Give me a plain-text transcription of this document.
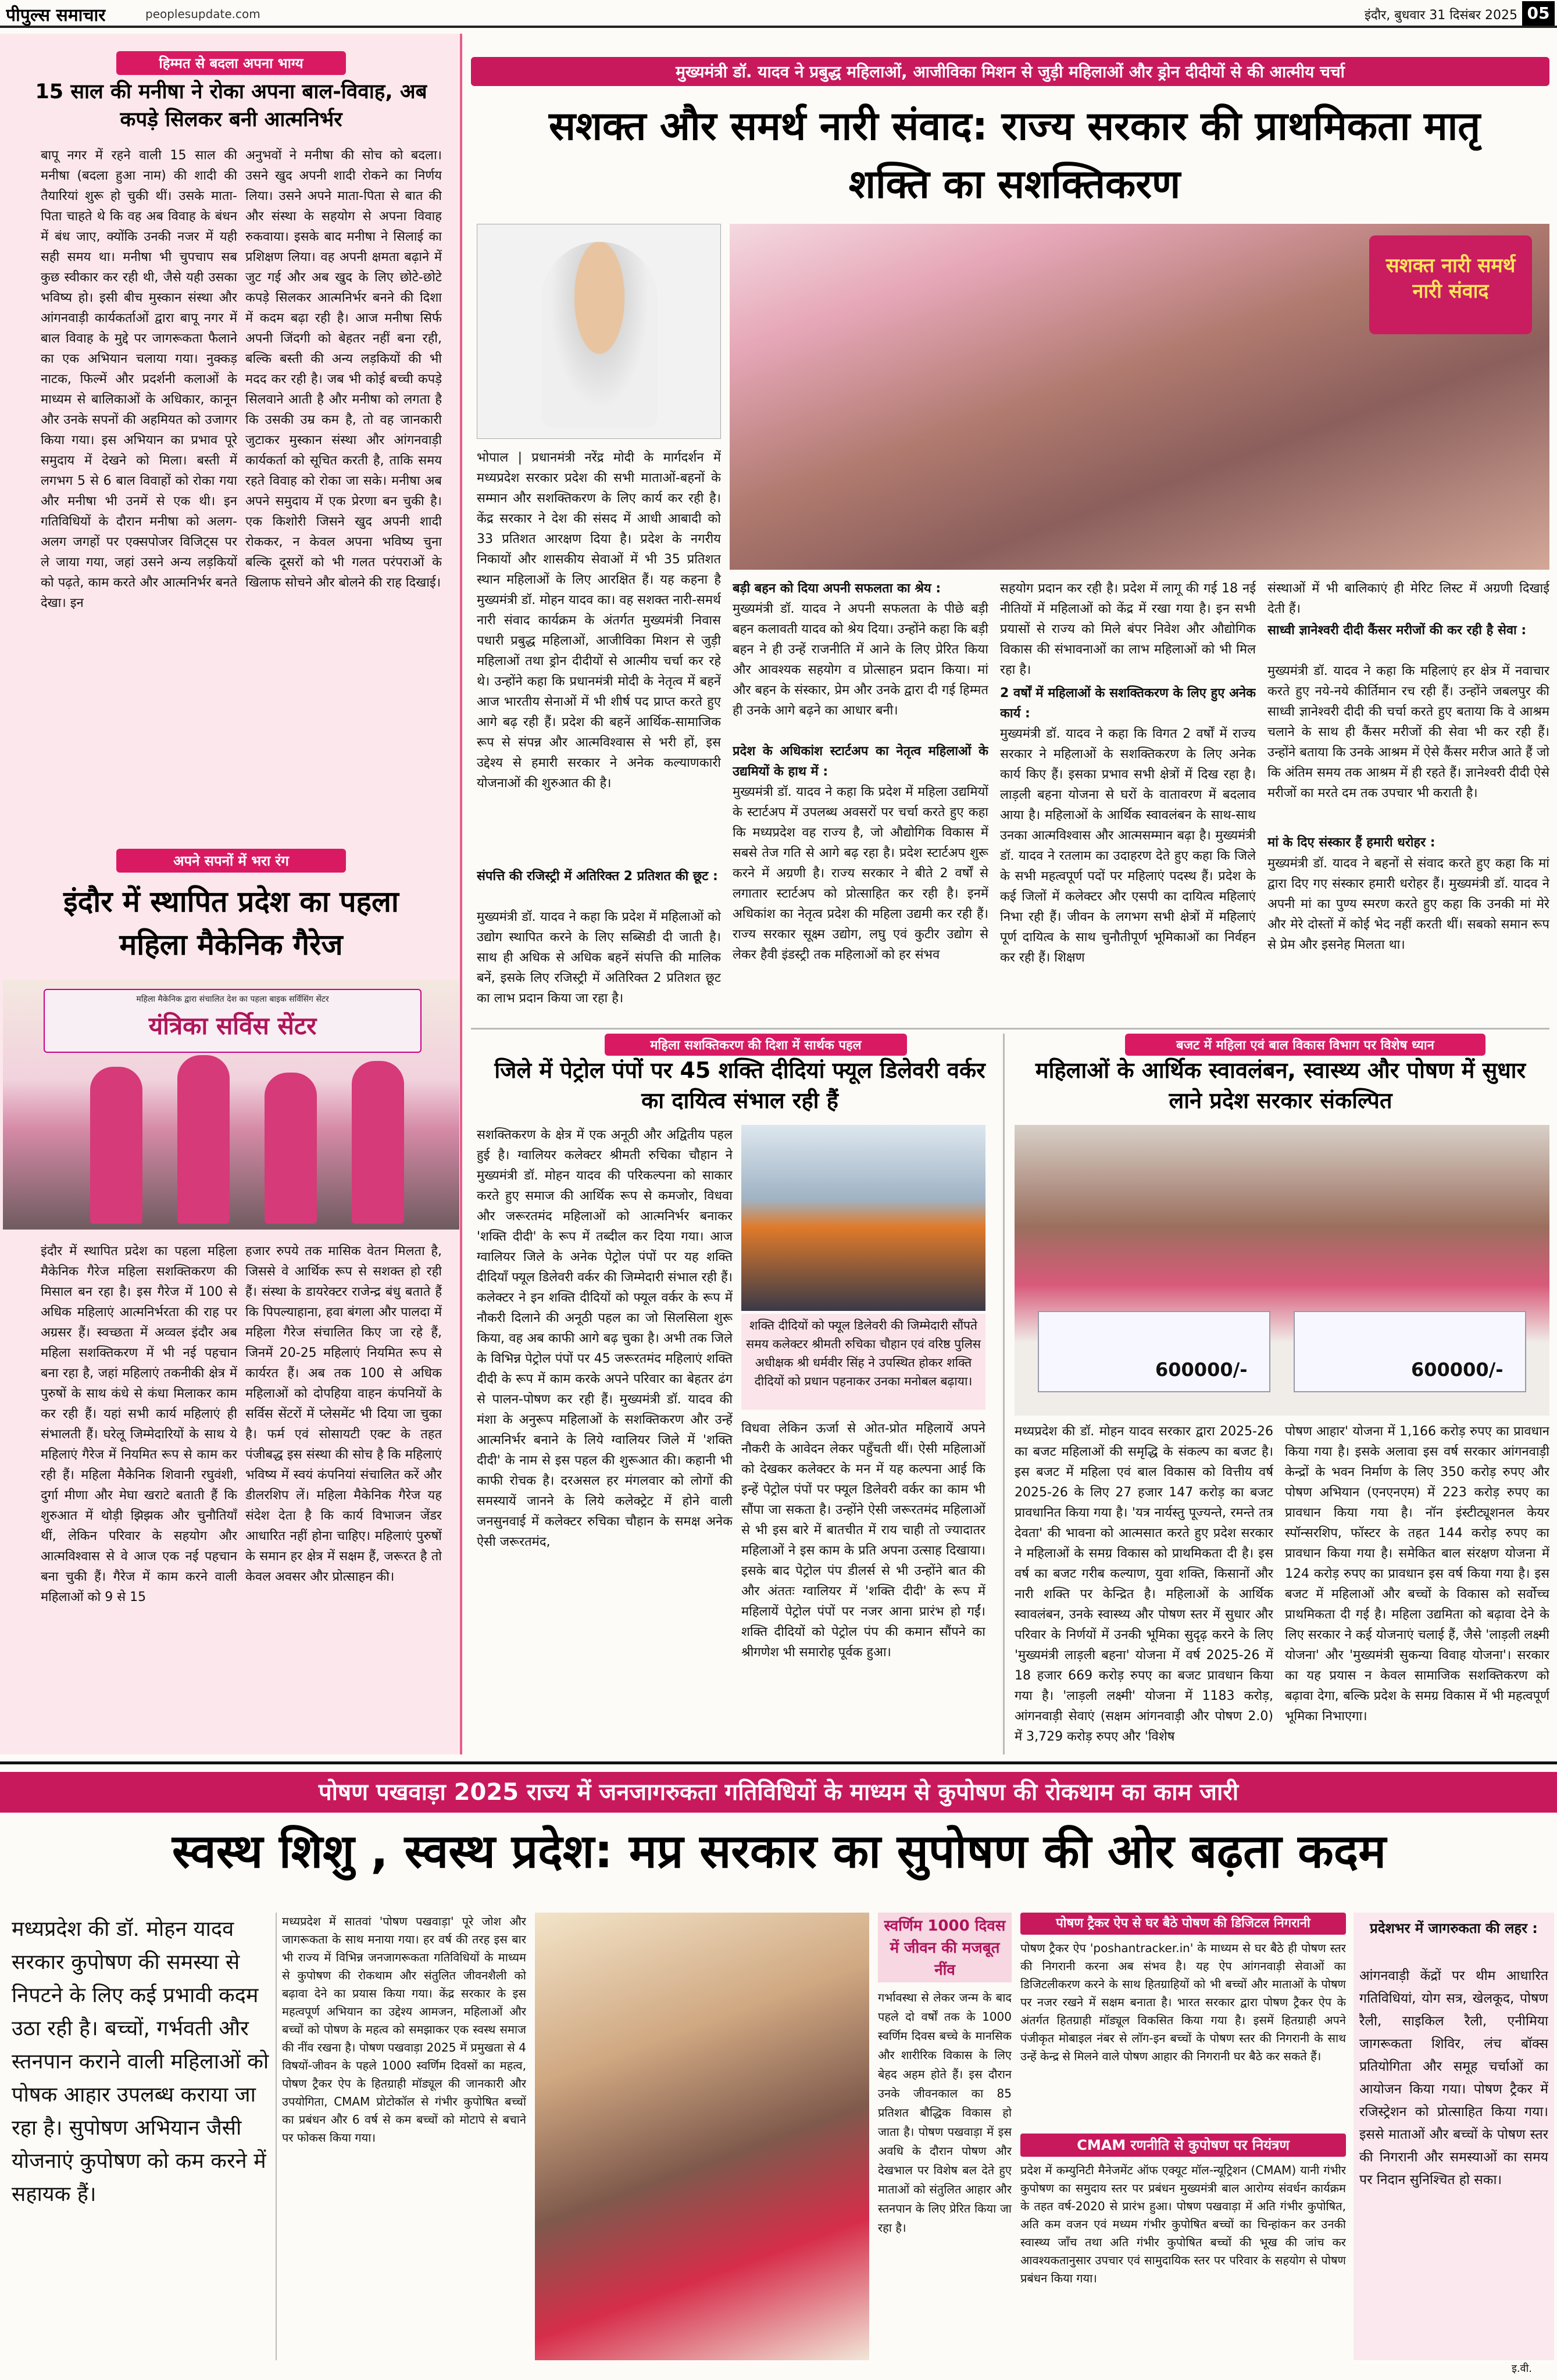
पीपुल्स समाचार	peoplesupdate.com	इंदौर, बुधवार 31 दिसंबर 2025 05
हिम्मत से बदला अपना भाग्य
15 साल की मनीषा ने रोका अपना बाल-विवाह, अब कपड़े सिलकर बनी आत्मनिर्भर
बापू नगर में रहने वाली 15 साल की मनीषा (बदला हुआ नाम) की शादी की तैयारियां शुरू हो चुकी थीं। उसके माता-पिता चाहते थे कि वह अब विवाह के बंधन में बंध जाए, क्योंकि उनकी नजर में यही सही समय था। मनीषा भी चुपचाप सब कुछ स्वीकार कर रही थी, जैसे यही उसका भविष्य हो। इसी बीच मुस्कान संस्था और आंगनवाड़ी कार्यकर्ताओं द्वारा बापू नगर में बाल विवाह के मुद्दे पर जागरूकता फैलाने का एक अभियान चलाया गया। नुक्कड़ नाटक, फिल्में और प्रदर्शनी कलाओं के माध्यम से बालिकाओं के अधिकार, कानून और उनके सपनों की अहमियत को उजागर किया गया। इस अभियान का प्रभाव पूरे समुदाय में देखने को मिला। बस्ती में लगभग 5 से 6 बाल विवाहों को रोका गया और मनीषा भी उनमें से एक थी। इन गतिविधियों के दौरान मनीषा को अलग-अलग जगहों पर एक्सपोजर विजिट्स पर ले जाया गया, जहां उसने अन्य लड़कियों को पढ़ते, काम करते और आत्मनिर्भर बनते देखा। इन
अनुभवों ने मनीषा की सोच को बदला। उसने खुद अपनी शादी रोकने का निर्णय लिया। उसने अपने माता-पिता से बात की और संस्था के सहयोग से अपना विवाह रुकवाया। इसके बाद मनीषा ने सिलाई का प्रशिक्षण लिया। वह अपनी क्षमता बढ़ाने में जुट गई और अब खुद के लिए छोटे-छोटे कपड़े सिलकर आत्मनिर्भर बनने की दिशा में कदम बढ़ा रही है। आज मनीषा सिर्फ अपनी जिंदगी को बेहतर नहीं बना रही, बल्कि बस्ती की अन्य लड़कियों की भी मदद कर रही है। जब भी कोई बच्ची कपड़े सिलवाने आती है और मनीषा को लगता है कि उसकी उम्र कम है, तो वह जानकारी जुटाकर मुस्कान संस्था और आंगनवाड़ी कार्यकर्ता को सूचित करती है, ताकि समय रहते विवाह को रोका जा सके। मनीषा अब अपने समुदाय में एक प्रेरणा बन चुकी है। एक किशोरी जिसने खुद अपनी शादी रोककर, न केवल अपना भविष्य चुना बल्कि दूसरों को भी गलत परंपराओं के खिलाफ सोचने और बोलने की राह दिखाई।
अपने सपनों में भरा रंग
इंदौर में स्थापित प्रदेश का पहला महिला मैकेनिक गैरेज
महिला मैकेनिक द्वारा संचालित देश का पहला बाइक सर्विसिंग सेंटर
यंत्रिका सर्विस सेंटर
इंदौर में स्थापित प्रदेश का पहला महिला मैकेनिक गैरेज महिला सशक्तिकरण की मिसाल बन रहा है। इस गैरेज में 100 से अधिक महिलाएं आत्मनिर्भरता की राह पर अग्रसर हैं। स्वच्छता में अव्वल इंदौर अब महिला सशक्तिकरण में भी नई पहचान बना रहा है, जहां महिलाएं तकनीकी क्षेत्र में पुरुषों के साथ कंधे से कंधा मिलाकर काम कर रही हैं। यहां सभी कार्य महिलाएं ही संभालती हैं। घरेलू जिम्मेदारियों के साथ ये महिलाएं गैरेज में नियमित रूप से काम कर रही हैं। महिला मैकेनिक शिवानी रघुवंशी, दुर्गा मीणा और मेघा खराटे बताती हैं कि शुरुआत में थोड़ी झिझक और चुनौतियाँ थीं, लेकिन परिवार के सहयोग और आत्मविश्वास से वे आज एक नई पहचान बना चुकी हैं। गैरेज में काम करने वाली महिलाओं को 9 से 15
हजार रुपये तक मासिक वेतन मिलता है, जिससे वे आर्थिक रूप से सशक्त हो रही हैं। संस्था के डायरेक्टर राजेन्द्र बंधु बताते हैं कि पिपल्याहाना, हवा बंगला और पालदा में महिला गैरेज संचालित किए जा रहे हैं, जिनमें 20-25 महिलाएं नियमित रूप से कार्यरत हैं। अब तक 100 से अधिक महिलाओं को दोपहिया वाहन कंपनियों के सर्विस सेंटरों में प्लेसमेंट भी दिया जा चुका है। फर्म एवं सोसायटी एक्ट के तहत पंजीबद्ध इस संस्था की सोच है कि महिलाएं भविष्य में स्वयं कंपनियां संचालित करें और डीलरशिप लें। महिला मैकेनिक गैरेज यह संदेश देता है कि कार्य विभाजन जेंडर आधारित नहीं होना चाहिए। महिलाएं पुरुषों के समान हर क्षेत्र में सक्षम हैं, जरूरत है तो केवल अवसर और प्रोत्साहन की।
मुख्यमंत्री डॉ. यादव ने प्रबुद्ध महिलाओं, आजीविका मिशन से जुड़ी महिलाओं और ड्रोन दीदीयों से की आत्मीय चर्चा
सशक्त और समर्थ नारी संवाद: राज्य सरकार की प्राथमिकता मातृ शक्ति का सशक्तिकरण
सशक्त नारी समर्थ नारी संवाद
भोपाल | प्रधानमंत्री नरेंद्र मोदी के मार्गदर्शन में मध्यप्रदेश सरकार प्रदेश की सभी माताओं-बहनों के सम्मान और सशक्तिकरण के लिए कार्य कर रही है। केंद्र सरकार ने देश की संसद में आधी आबादी को 33 प्रतिशत आरक्षण दिया है। प्रदेश के नगरीय निकायों और शासकीय सेवाओं में भी 35 प्रतिशत स्थान महिलाओं के लिए आरक्षित हैं। यह कहना है मुख्यमंत्री डॉ. मोहन यादव का। वह सशक्त नारी-समर्थ नारी संवाद कार्यक्रम के अंतर्गत मुख्यमंत्री निवास पधारी प्रबुद्ध महिलाओं, आजीविका मिशन से जुड़ी महिलाओं तथा ड्रोन दीदीयों से आत्मीय चर्चा कर रहे थे। उन्होंने कहा कि प्रधानमंत्री मोदी के नेतृत्व में बहनें आज भारतीय सेनाओं में भी शीर्ष पद प्राप्त करते हुए आगे बढ़ रही हैं। प्रदेश की बहनें आर्थिक-सामाजिक रूप से संपन्न और आत्मविश्वास से भरी हों, इस उद्देश्य से हमारी सरकार ने अनेक कल्याणकारी योजनाओं की शुरुआत की है।
संपत्ति की रजिस्ट्री में अतिरिक्त 2 प्रतिशत की छूट :
मुख्यमंत्री डॉ. यादव ने कहा कि प्रदेश में महिलाओं को उद्योग स्थापित करने के लिए सब्सिडी दी जाती है। साथ ही अधिक से अधिक बहनें संपत्ति की मालिक बनें, इसके लिए रजिस्ट्री में अतिरिक्त 2 प्रतिशत छूट का लाभ प्रदान किया जा रहा है।
बड़ी बहन को दिया अपनी सफलता का श्रेय :
मुख्यमंत्री डॉ. यादव ने अपनी सफलता के पीछे बड़ी बहन कलावती यादव को श्रेय दिया। उन्होंने कहा कि बड़ी बहन ने ही उन्हें राजनीति में आने के लिए प्रेरित किया और आवश्यक सहयोग व प्रोत्साहन प्रदान किया। मां और बहन के संस्कार, प्रेम और उनके द्वारा दी गई हिम्मत ही उनके आगे बढ़ने का आधार बनी।
प्रदेश के अधिकांश स्टार्टअप का नेतृत्व महिलाओं के उद्यमियों के हाथ में :
मुख्यमंत्री डॉ. यादव ने कहा कि प्रदेश में महिला उद्यमियों के स्टार्टअप में उपलब्ध अवसरों पर चर्चा करते हुए कहा कि मध्यप्रदेश वह राज्य है, जो औद्योगिक विकास में सबसे तेज गति से आगे बढ़ रहा है। प्रदेश स्टार्टअप शुरू करने में अग्रणी है। राज्य सरकार ने बीते 2 वर्षों से लगातार स्टार्टअप को प्रोत्साहित कर रही है। इनमें अधिकांश का नेतृत्व प्रदेश की महिला उद्यमी कर रही हैं। राज्य सरकार सूक्ष्म उद्योग, लघु एवं कुटीर उद्योग से लेकर हैवी इंडस्ट्री तक महिलाओं को हर संभव
सहयोग प्रदान कर रही है। प्रदेश में लागू की गई 18 नई नीतियों में महिलाओं को केंद्र में रखा गया है। इन सभी प्रयासों से राज्य को मिले बंपर निवेश और औद्योगिक विकास की संभावनाओं का लाभ महिलाओं को भी मिल रहा है।
2 वर्षों में महिलाओं के सशक्तिकरण के लिए हुए अनेक कार्य :
मुख्यमंत्री डॉ. यादव ने कहा कि विगत 2 वर्षों में राज्य सरकार ने महिलाओं के सशक्तिकरण के लिए अनेक कार्य किए हैं। इसका प्रभाव सभी क्षेत्रों में दिख रहा है। लाड़ली बहना योजना से घरों के वातावरण में बदलाव आया है। महिलाओं के आर्थिक स्वावलंबन के साथ-साथ उनका आत्मविश्वास और आत्मसम्मान बढ़ा है। मुख्यमंत्री डॉ. यादव ने रतलाम का उदाहरण देते हुए कहा कि जिले के सभी महत्वपूर्ण पदों पर महिलाएं पदस्थ हैं। प्रदेश के कई जिलों में कलेक्टर और एसपी का दायित्व महिलाएं निभा रही हैं। जीवन के लगभग सभी क्षेत्रों में महिलाएं पूर्ण दायित्व के साथ चुनौतीपूर्ण भूमिकाओं का निर्वहन कर रही हैं। शिक्षण
संस्थाओं में भी बालिकाएं ही मेरिट लिस्ट में अग्रणी दिखाई देती हैं।
साध्वी ज्ञानेश्वरी दीदी कैंसर मरीजों की कर रही है सेवा :
मुख्यमंत्री डॉ. यादव ने कहा कि महिलाएं हर क्षेत्र में नवाचार करते हुए नये-नये कीर्तिमान रच रही हैं। उन्होंने जबलपुर की साध्वी ज्ञानेश्वरी दीदी की चर्चा करते हुए बताया कि वे आश्रम चलाने के साथ ही कैंसर मरीजों की सेवा भी कर रही हैं। उन्होंने बताया कि उनके आश्रम में ऐसे कैंसर मरीज आते हैं जो कि अंतिम समय तक आश्रम में ही रहते हैं। ज्ञानेश्वरी दीदी ऐसे मरीजों का मरते दम तक उपचार भी कराती है।
मां के दिए संस्कार हैं हमारी धरोहर :
मुख्यमंत्री डॉ. यादव ने बहनों से संवाद करते हुए कहा कि मां द्वारा दिए गए संस्कार हमारी धरोहर हैं। मुख्यमंत्री डॉ. यादव ने अपनी मां का पुण्य स्मरण करते हुए कहा कि उनकी मां मेरे और मेरे दोस्तों में कोई भेद नहीं करती थीं। सबको समान रूप से प्रेम और इसनेह मिलता था।
महिला सशक्तिकरण की दिशा में सार्थक पहल
जिले में पेट्रोल पंपों पर 45 शक्ति दीदियां फ्यूल डिलेवरी वर्कर का दायित्व संभाल रही हैं
सशक्तिकरण के क्षेत्र में एक अनूठी और अद्वितीय पहल हुई है। ग्वालियर कलेक्टर श्रीमती रुचिका चौहान ने मुख्यमंत्री डॉ. मोहन यादव की परिकल्पना को साकार करते हुए समाज की आर्थिक रूप से कमजोर, विधवा और जरूरतमंद महिलाओं को आत्मनिर्भर बनाकर 'शक्ति दीदी' के रूप में तब्दील कर दिया गया। आज ग्वालियर जिले के अनेक पेट्रोल पंपों पर यह शक्ति दीदियाँ फ्यूल डिलेवरी वर्कर की जिम्मेदारी संभाल रही हैं। कलेक्टर ने इन शक्ति दीदियों को फ्यूल वर्कर के रूप में नौकरी दिलाने की अनूठी पहल का जो सिलसिला शुरू किया, वह अब काफी आगे बढ़ चुका है। अभी तक जिले के विभिन्न पेट्रोल पंपों पर 45 जरूरतमंद महिलाएं शक्ति दीदी के रूप में काम करके अपने परिवार का बेहतर ढंग से पालन-पोषण कर रही हैं। मुख्यमंत्री डॉ. यादव की मंशा के अनुरूप महिलाओं के सशक्तिकरण और उन्हें आत्मनिर्भर बनाने के लिये ग्वालियर जिले में 'शक्ति दीदी' के नाम से इस पहल की शुरूआत की। कहानी भी काफी रोचक है। दरअसल हर मंगलवार को लोगों की समस्यायें जानने के लिये कलेक्ट्रेट में होने वाली जनसुनवाई में कलेक्टर रुचिका चौहान के समक्ष अनेक ऐसी जरूरतमंद,
शक्ति दीदियों को फ्यूल डिलेवरी की जिम्मेदारी सौंपते समय कलेक्टर श्रीमती रुचिका चौहान एवं वरिष्ठ पुलिस अधीक्षक श्री धर्मवीर सिंह ने उपस्थित होकर शक्ति दीदियों को प्रधान पहनाकर उनका मनोबल बढ़ाया।
विधवा लेकिन ऊर्जा से ओत-प्रोत महिलायें अपने नौकरी के आवेदन लेकर पहुँचती थीं। ऐसी महिलाओं को देखकर कलेक्टर के मन में यह कल्पना आई कि इन्हें पेट्रोल पंपों पर फ्यूल डिलेवरी वर्कर का काम भी सौंपा जा सकता है। उन्होंने ऐसी जरूरतमंद महिलाओं से भी इस बारे में बातचीत में राय चाही तो ज्यादातर महिलाओं ने इस काम के प्रति अपना उत्साह दिखाया। इसके बाद पेट्रोल पंप डीलर्स से भी उन्होंने बात की और अंततः ग्वालियर में 'शक्ति दीदी' के रूप में महिलायें पेट्रोल पंपों पर नजर आना प्रारंभ हो गईं। शक्ति दीदियों को पेट्रोल पंप की कमान सौंपने का श्रीगणेश भी समारोह पूर्वक हुआ।
बजट में महिला एवं बाल विकास विभाग पर विशेष ध्यान
महिलाओं के आर्थिक स्वावलंबन, स्वास्थ्य और पोषण में सुधार लाने प्रदेश सरकार संकल्पित
600000/-	600000/-
मध्यप्रदेश की डॉ. मोहन यादव सरकार द्वारा 2025-26 का बजट महिलाओं की समृद्धि के संकल्प का बजट है। इस बजट में महिला एवं बाल विकास को वित्तीय वर्ष 2025-26 के लिए 27 हजार 147 करोड़ का बजट प्रावधानित किया गया है। 'यत्र नार्यस्तु पूज्यन्ते, रमन्ते तत्र देवता' की भावना को आत्मसात करते हुए प्रदेश सरकार ने महिलाओं के समग्र विकास को प्राथमिकता दी है। इस वर्ष का बजट गरीब कल्याण, युवा शक्ति, किसानों और नारी शक्ति पर केन्द्रित है। महिलाओं के आर्थिक स्वावलंबन, उनके स्वास्थ्य और पोषण स्तर में सुधार और परिवार के निर्णयों में उनकी भूमिका सुदृढ़ करने के लिए 'मुख्यमंत्री लाड़ली बहना' योजना में वर्ष 2025-26 में 18 हजार 669 करोड़ रुपए का बजट प्रावधान किया गया है। 'लाड़ली लक्ष्मी' योजना में 1183 करोड़, आंगनवाड़ी सेवाएं (सक्षम आंगनवाड़ी और पोषण 2.0) में 3,729 करोड़ रुपए और 'विशेष
पोषण आहार' योजना में 1,166 करोड़ रुपए का प्रावधान किया गया है। इसके अलावा इस वर्ष सरकार आंगनवाड़ी केन्द्रों के भवन निर्माण के लिए 350 करोड़ रुपए और पोषण अभियान (एनएनएम) में 223 करोड़ रुपए का प्रावधान किया गया है। नॉन इंस्टीट्यूशनल केयर स्पॉन्सरशिप, फॉस्टर के तहत 144 करोड़ रुपए का प्रावधान किया गया है। समेकित बाल संरक्षण योजना में 124 करोड़ रुपए का प्रावधान इस वर्ष किया गया है। इस बजट में महिलाओं और बच्चों के विकास को सर्वोच्च प्राथमिकता दी गई है। महिला उद्यमिता को बढ़ावा देने के लिए सरकार ने कई योजनाएं चलाई हैं, जैसे 'लाड़ली लक्ष्मी योजना' और 'मुख्यमंत्री सुकन्या विवाह योजना'। सरकार का यह प्रयास न केवल सामाजिक सशक्तिकरण को बढ़ावा देगा, बल्कि प्रदेश के समग्र विकास में भी महत्वपूर्ण भूमिका निभाएगा।
पोषण पखवाड़ा 2025 राज्य में जनजागरुकता गतिविधियों के माध्यम से कुपोषण की रोकथाम का काम जारी
स्वस्थ शिशु , स्वस्थ प्रदेश: मप्र सरकार का सुपोषण की ओर बढ़ता कदम
मध्यप्रदेश की डॉ. मोहन यादव सरकार कुपोषण की समस्या से निपटने के लिए कई प्रभावी कदम उठा रही है। बच्चों, गर्भवती और स्तनपान कराने वाली महिलाओं को पोषक आहार उपलब्ध कराया जा रहा है। सुपोषण अभियान जैसी योजनाएं कुपोषण को कम करने में सहायक हैं।
मध्यप्रदेश में सातवां 'पोषण पखवाड़ा' पूरे जोश और जागरूकता के साथ मनाया गया। हर वर्ष की तरह इस बार भी राज्य में विभिन्न जनजागरूकता गतिविधियों के माध्यम से कुपोषण की रोकथाम और संतुलित जीवनशैली को बढ़ावा देने का प्रयास किया गया। केंद्र सरकार के इस महत्वपूर्ण अभियान का उद्देश्य आमजन, महिलाओं और बच्चों को पोषण के महत्व को समझाकर एक स्वस्थ समाज की नींव रखना है। पोषण पखवाड़ा 2025 में प्रमुखता से 4 विषयों-जीवन के पहले 1000 स्वर्णिम दिवसों का महत्व, पोषण ट्रैकर ऐप के हितग्राही मॉड्यूल की जानकारी और उपयोगिता, CMAM प्रोटोकॉल से गंभीर कुपोषित बच्चों का प्रबंधन और 6 वर्ष से कम बच्चों को मोटापे से बचाने पर फोकस किया गया।
स्वर्णिम 1000 दिवस में जीवन की मजबूत नींव
गर्भावस्था से लेकर जन्म के बाद पहले दो वर्षों तक के 1000 स्वर्णिम दिवस बच्चे के मानसिक और शारीरिक विकास के लिए बेहद अहम होते हैं। इस दौरान उनके जीवनकाल का 85 प्रतिशत बौद्धिक विकास हो जाता है। पोषण पखवाड़ा में इस अवधि के दौरान पोषण और देखभाल पर विशेष बल देते हुए माताओं को संतुलित आहार और स्तनपान के लिए प्रेरित किया जा रहा है।
पोषण ट्रैकर ऐप से घर बैठे पोषण की डिजिटल निगरानी
पोषण ट्रैकर ऐप 'poshantracker.in' के माध्यम से घर बैठे ही पोषण स्तर की निगरानी करना अब संभव है। यह ऐप आंगनवाड़ी सेवाओं का डिजिटलीकरण करने के साथ हितग्राहियों को भी बच्चों और माताओं के पोषण पर नजर रखने में सक्षम बनाता है। भारत सरकार द्वारा पोषण ट्रैकर ऐप के अंतर्गत हितग्राही मॉड्यूल विकसित किया गया है। इसमें हितग्राही अपने पंजीकृत मोबाइल नंबर से लॉग-इन बच्चों के पोषण स्तर की निगरानी के साथ उन्हें केन्द्र से मिलने वाले पोषण आहार की निगरानी घर बैठे कर सकते हैं।
CMAM रणनीति से कुपोषण पर नियंत्रण
प्रदेश में कम्युनिटी मैनेजमेंट ऑफ एक्यूट मॉल-न्यूट्रिशन (CMAM) यानी गंभीर कुपोषण का समुदाय स्तर पर प्रबंधन मुख्यमंत्री बाल आरोग्य संवर्धन कार्यक्रम के तहत वर्ष-2020 से प्रारंभ हुआ। पोषण पखवाड़ा में अति गंभीर कुपोषित, अति कम वजन एवं मध्यम गंभीर कुपोषित बच्चों का चिन्हांकन कर उनकी स्वास्थ्य जाँच तथा अति गंभीर कुपोषित बच्चों की भूख की जांच कर आवश्यकतानुसार उपचार एवं सामुदायिक स्तर पर परिवार के सहयोग से पोषण प्रबंधन किया गया।
प्रदेशभर में जागरुकता की लहर :
आंगनवाड़ी केंद्रों पर थीम आधारित गतिविधियां, योग सत्र, खेलकूद, पोषण रैली, साइकिल रैली, एनीमिया जागरूकता शिविर, लंच बॉक्स प्रतियोगिता और समूह चर्चाओं का आयोजन किया गया। पोषण ट्रैकर में रजिस्ट्रेशन को प्रोत्साहित किया गया। इससे माताओं और बच्चों के पोषण स्तर की निगरानी और समस्याओं का समय पर निदान सुनिश्चित हो सका।
इ.वी.
